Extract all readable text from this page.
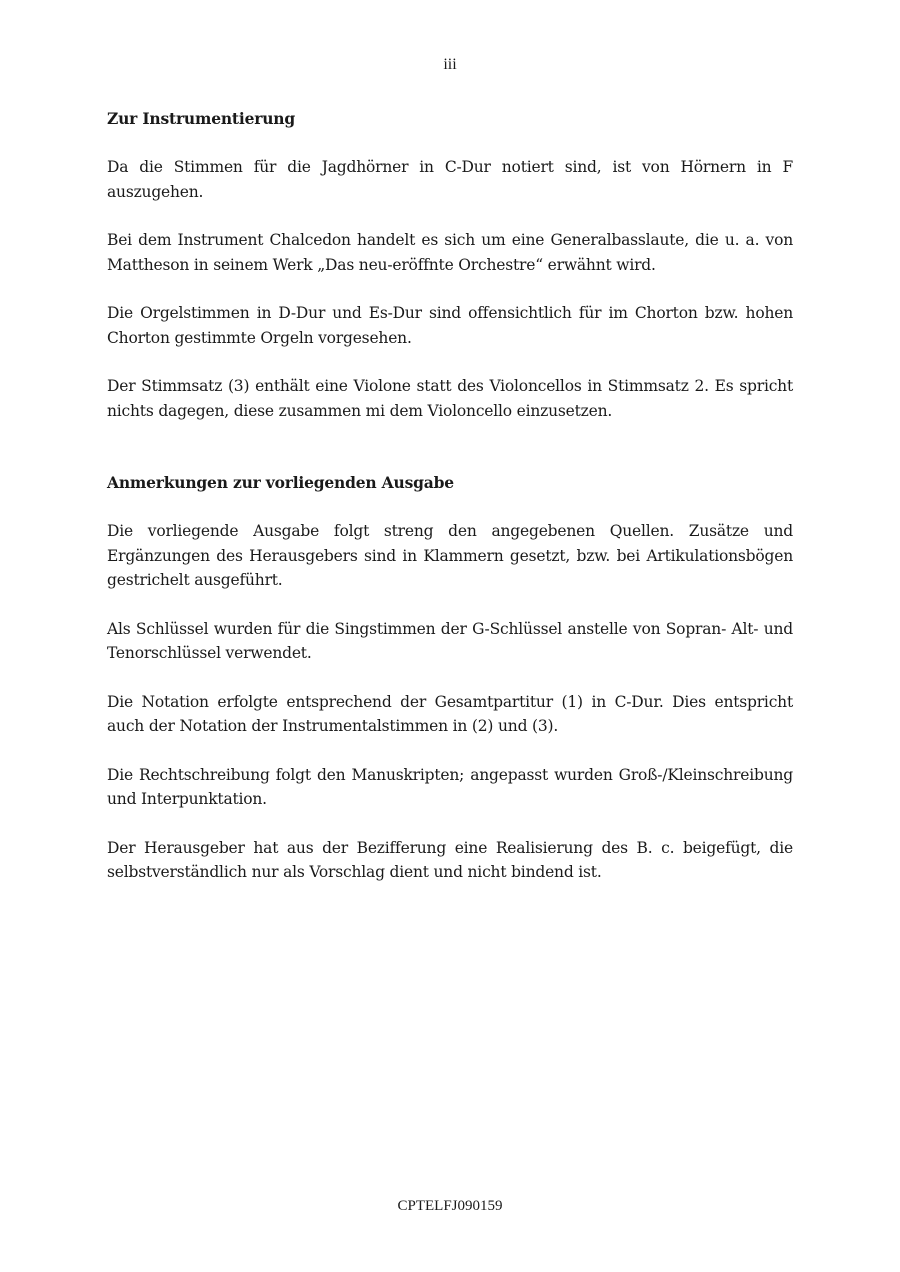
iii
Zur Instrumentierung

Da die Stimmen für die Jagdhörner in C-Dur notiert sind, ist von Hörnern in F auszugehen.

Bei dem Instrument Chalcedon handelt es sich um eine Generalbasslaute, die u. a. von Mattheson in seinem Werk „Das neu-eröffnte Orchestre“ erwähnt wird.

Die Orgelstimmen in D-Dur und Es-Dur sind offensichtlich für im Chorton bzw. hohen Chorton gestimmte Orgeln vorgesehen.

Der Stimmsatz (3) enthält eine Violone statt des Violoncellos in Stimmsatz 2. Es spricht nichts dagegen, diese zusammen mi dem Violoncello einzusetzen.

Anmerkungen zur vorliegenden Ausgabe

Die vorliegende Ausgabe folgt streng den angegebenen Quellen. Zusätze und Ergänzungen des Herausgebers sind in Klammern gesetzt, bzw. bei Artikulationsbögen gestrichelt ausgeführt.

Als Schlüssel wurden für die Singstimmen der G-Schlüssel anstelle von Sopran- Alt- und Tenorschlüssel verwendet.

Die Notation erfolgte entsprechend der Gesamtpartitur (1) in C-Dur. Dies entspricht auch der Notation der Instrumentalstimmen in (2) und (3).

Die Rechtschreibung folgt den Manuskripten; angepasst wurden Groß-/Kleinschreibung und Interpunktation.

Der Herausgeber hat aus der Bezifferung eine Realisierung des B. c. beigefügt, die selbstverständlich nur als Vorschlag dient und nicht bindend ist.

CPTELFJ090159
